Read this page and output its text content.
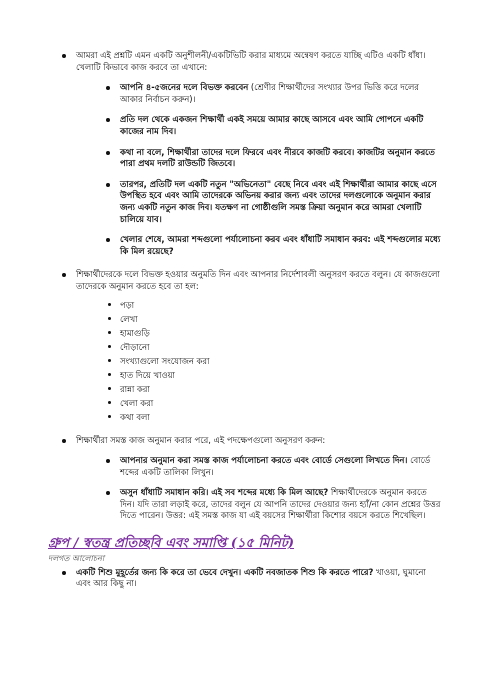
আমরা এই প্রশ্নটি এমন একটি অনুশীলনী/একটিভিটি করার মাধ্যমে অন্বেষণ করতে যাচ্ছি এটিও একটি ধাঁধা। খেলাটি কিভাবে কাজ করবে তা এখানে:
আপনি ৪-৫জনের দলে বিভক্ত করবেন (শ্রেণীর শিক্ষার্থীদের সংখ্যার উপর ভিত্তি করে দলের আকার নির্বাচন করুন)।
প্রতি দল থেকে একজন শিক্ষার্থী একই সময়ে আমার কাছে আসবে এবং আমি গোপনে একটি কাজের নাম দিব।
কথা না বলে, শিক্ষার্থীরা তাদের দলে ফিরবে এবং নীরবে কাজটি করবে। কাজটির অনুমান করতে পারা প্রথম দলটি রাউন্ডটি জিতবে।
তারপর, প্রতিটি দল একটি নতুন "অভিনেতা" বেছে নিবে এবং এই শিক্ষার্থীরা আমার কাছে এসে উপস্থিত হবে এবং আমি তাদেরকে অভিনয় করার জন্য এবং তাদের দলগুলোকে অনুমান করার জন্য একটি নতুন কাজ দিব। যতক্ষণ না গোষ্ঠীগুলি সমস্ত ক্রিয়া অনুমান করে আমরা খেলাটি চালিয়ে যাব।
খেলার শেষে, আমরা শব্দগুলো পর্যালোচনা করব এবং ধাঁধাটি সমাধান করব: এই শব্দগুলোর মধ্যে কি মিল রয়েছে?
শিক্ষার্থীদেরকে দলে বিভক্ত হওয়ার অনুমতি দিন এবং আপনার নির্দেশাবলী অনুসরণ করতে বলুন। যে কাজগুলো তাদেরকে অনুমান করতে হবে তা হল:
পড়া
লেখা
হামাগুড়ি
দৌড়ানো
সংখ্যাগুলো সংযোজন করা
হাত দিয়ে খাওয়া
রান্না করা
খেলা করা
কথা বলা
শিক্ষার্থীরা সমস্ত কাজ অনুমান করার পরে, এই পদক্ষেপগুলো অনুসরণ করুন:
আপনার অনুমান করা সমস্ত কাজ পর্যালোচনা করতে এবং বোর্ডে সেগুলো লিখতে দিন। বোর্ডে শব্দের একটি তালিকা লিখুন।
অসুন ধাঁধাটি সমাধান করি। এই সব শব্দের মধ্যে কি মিল আছে? শিক্ষার্থীদেরকে অনুমান করতে দিন। যদি তারা লড়াই করে, তাদের বলুন যে আপনি তাদের দেওয়ার জন্য হ্যাঁ/না কোন প্রশ্নের উত্তর দিতে পারেন। উত্তর: এই সমস্ত কাজ যা এই বয়সের শিক্ষার্থীরা কিশোর বয়সে করতে শিখেছিল।
গ্রুপ / স্বতন্ত্র প্রতিচ্ছবি এবং সমাপ্তি (১৫ মিনিট)
দলগত আলোচনা
একটি শিশু মুহূর্তের জন্য কি করে তা ভেবে দেখুন। একটি নবজাতক শিশু কি করতে পারে? খাওয়া, ঘুমানো এবং আর কিছু না।
